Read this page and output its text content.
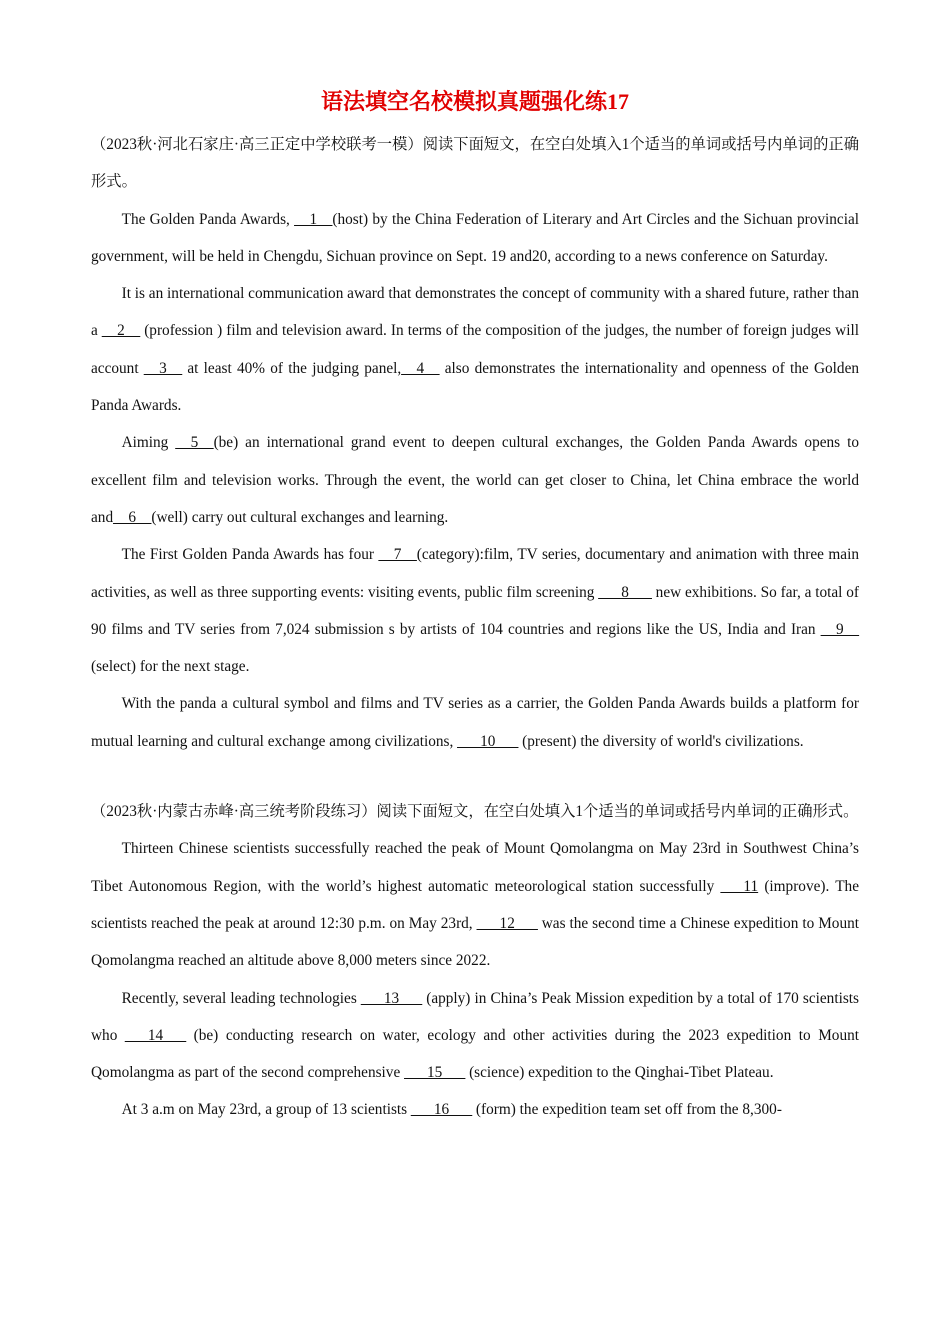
语法填空名校模拟真题强化练17

（2023秋·河北石家庄·高三正定中学校联考一模）阅读下面短文，在空白处填入1个适当的单词或括号内单词的正确形式。

The Golden Panda Awards, __1__(host) by the China Federation of Literary and Art Circles and the Sichuan provincial government, will be held in Chengdu, Sichuan province on Sept. 19 and20, according to a news conference on Saturday.

It is an international communication award that demonstrates the concept of community with a shared future, rather than a __2__ (profession ) film and television award. In terms of the composition of the judges, the number of foreign judges will account __3__ at least 40% of the judging panel,__4__ also demonstrates the internationality and openness of the Golden Panda Awards.

Aiming __5__(be) an international grand event to deepen cultural exchanges, the Golden Panda Awards opens to excellent film and television works. Through the event, the world can get closer to China, let China embrace the world and__6__(well) carry out cultural exchanges and learning.

The First Golden Panda Awards has four __7__(category):film, TV series, documentary and animation with three main activities, as well as three supporting events: visiting events, public film screening ___8___ new exhibitions. So far, a total of 90 films and TV series from 7,024 submission s by artists of 104 countries and regions like the US, India and Iran __9__ (select) for the next stage.

With the panda a cultural symbol and films and TV series as a carrier, the Golden Panda Awards builds a platform for mutual learning and cultural exchange among civilizations, ___10___ (present) the diversity of world's civilizations.

（2023秋·内蒙古赤峰·高三统考阶段练习）阅读下面短文，在空白处填入1个适当的单词或括号内单词的正确形式。

Thirteen Chinese scientists successfully reached the peak of Mount Qomolangma on May 23rd in Southwest China’s Tibet Autonomous Region, with the world’s highest automatic meteorological station successfully ___11 (improve). The scientists reached the peak at around 12:30 p.m. on May 23rd, ___12___ was the second time a Chinese expedition to Mount Qomolangma reached an altitude above 8,000 meters since 2022.

Recently, several leading technologies ___13___ (apply) in China’s Peak Mission expedition by a total of 170 scientists who ___14___ (be) conducting research on water, ecology and other activities during the 2023 expedition to Mount Qomolangma as part of the second comprehensive ___15___ (science) expedition to the Qinghai-Tibet Plateau.

At 3 a.m on May 23rd, a group of 13 scientists ___16___ (form) the expedition team set off from the 8,300-
